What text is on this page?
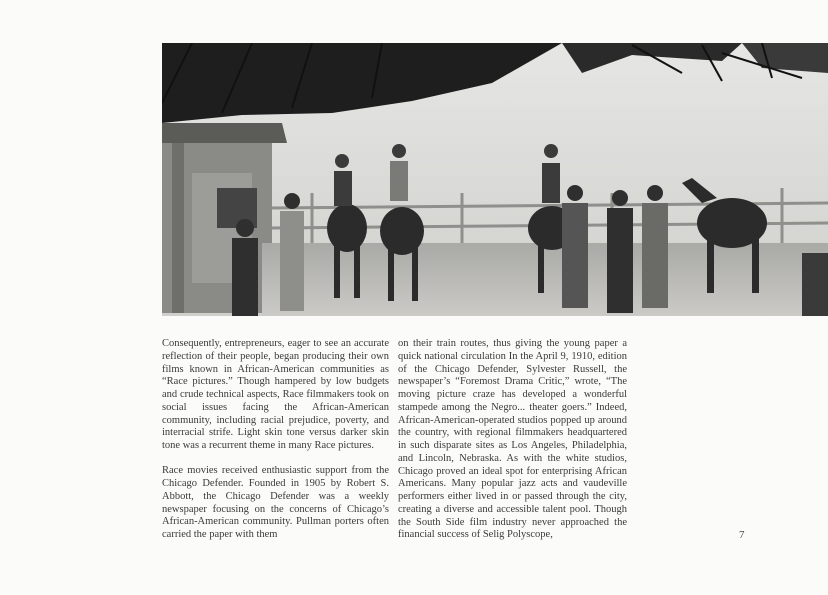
Consequently, entrepreneurs, eager to see an accurate reflection of their people, began producing their own films known in African-American communities as “Race pictures.” Though hampered by low budgets and crude technical aspects, Race filmmakers took on social issues facing the African-American community, including racial prejudice, poverty, and interracial strife. Light skin tone versus darker skin tone was a recurrent theme in many Race pictures.

Race movies received enthusiastic support from the Chicago Defender. Founded in 1905 by Robert S. Abbott, the Chicago Defender was a weekly newspaper focusing on the concerns of Chicago’s African-American community. Pullman porters often carried the paper with them

on their train routes, thus giving the young paper a quick national circulation In the April 9, 1910, edition of the Chicago Defender, Sylvester Russell, the newspaper’s “Foremost Drama Critic,” wrote, “The moving picture craze has developed a wonderful stampede among the Negro... theater goers.” Indeed, African-American-operated studios popped up around the country, with regional filmmakers headquartered in such disparate sites as Los Angeles, Philadelphia, and Lincoln, Nebraska. As with the white studios, Chicago proved an ideal spot for enterprising African Americans. Many popular jazz acts and vaudeville performers either lived in or passed through the city, creating a diverse and accessible talent pool. Though the South Side film industry never approached the financial success of Selig Polyscope,	7
